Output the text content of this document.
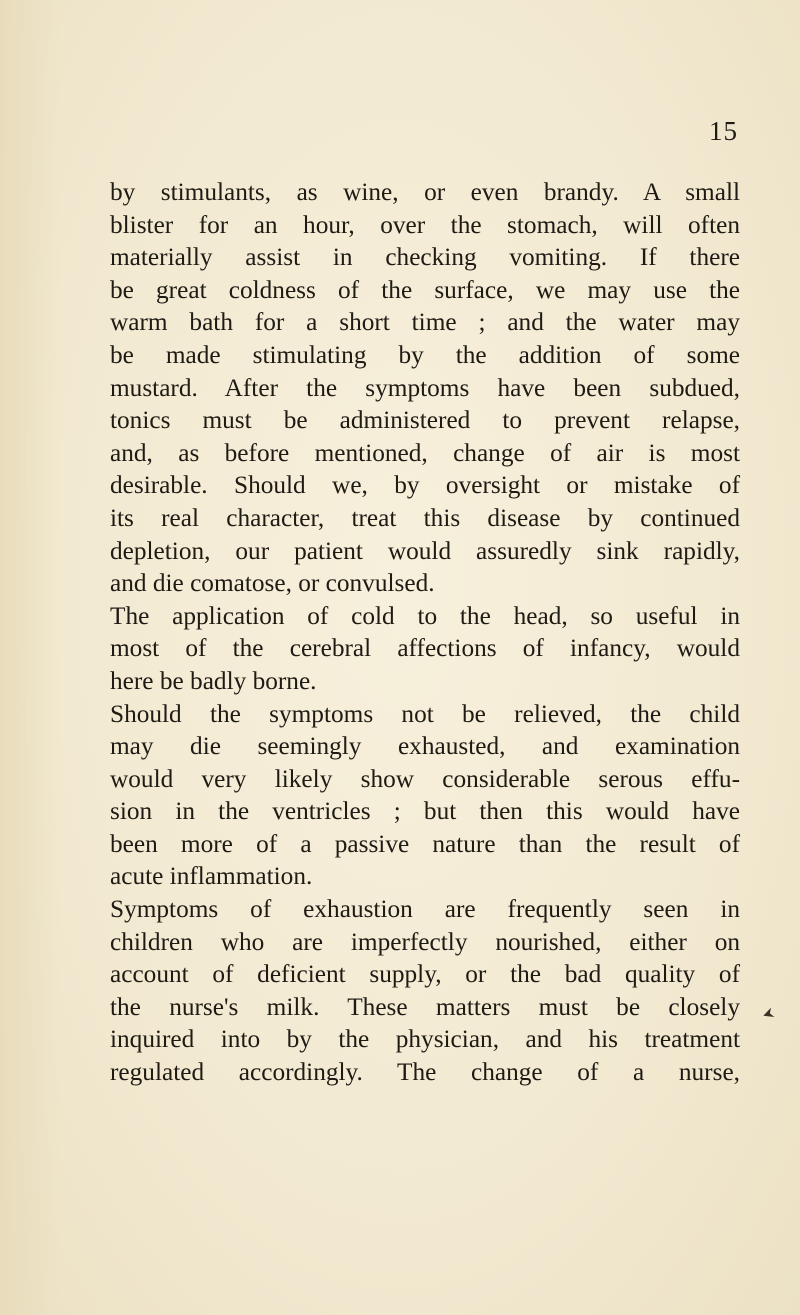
15
by stimulants, as wine, or even brandy. A small
blister for an hour, over the stomach, will often
materially assist in checking vomiting. If there
be great coldness of the surface, we may use the
warm bath for a short time ; and the water may
be made stimulating by the addition of some
mustard. After the symptoms have been subdued,
tonics must be administered to prevent relapse,
and, as before mentioned, change of air is most
desirable. Should we, by oversight or mistake of
its real character, treat this disease by continued
depletion, our patient would assuredly sink rapidly,
and die comatose, or convulsed.
The application of cold to the head, so useful in
most of the cerebral affections of infancy, would
here be badly borne.
Should the symptoms not be relieved, the child
may die seemingly exhausted, and examination
would very likely show considerable serous effu-
sion in the ventricles ; but then this would have
been more of a passive nature than the result of
acute inflammation.
Symptoms of exhaustion are frequently seen in
children who are imperfectly nourished, either on
account of deficient supply, or the bad quality of
the nurse's milk. These matters must be closely
inquired into by the physician, and his treatment
regulated accordingly. The change of a nurse,
